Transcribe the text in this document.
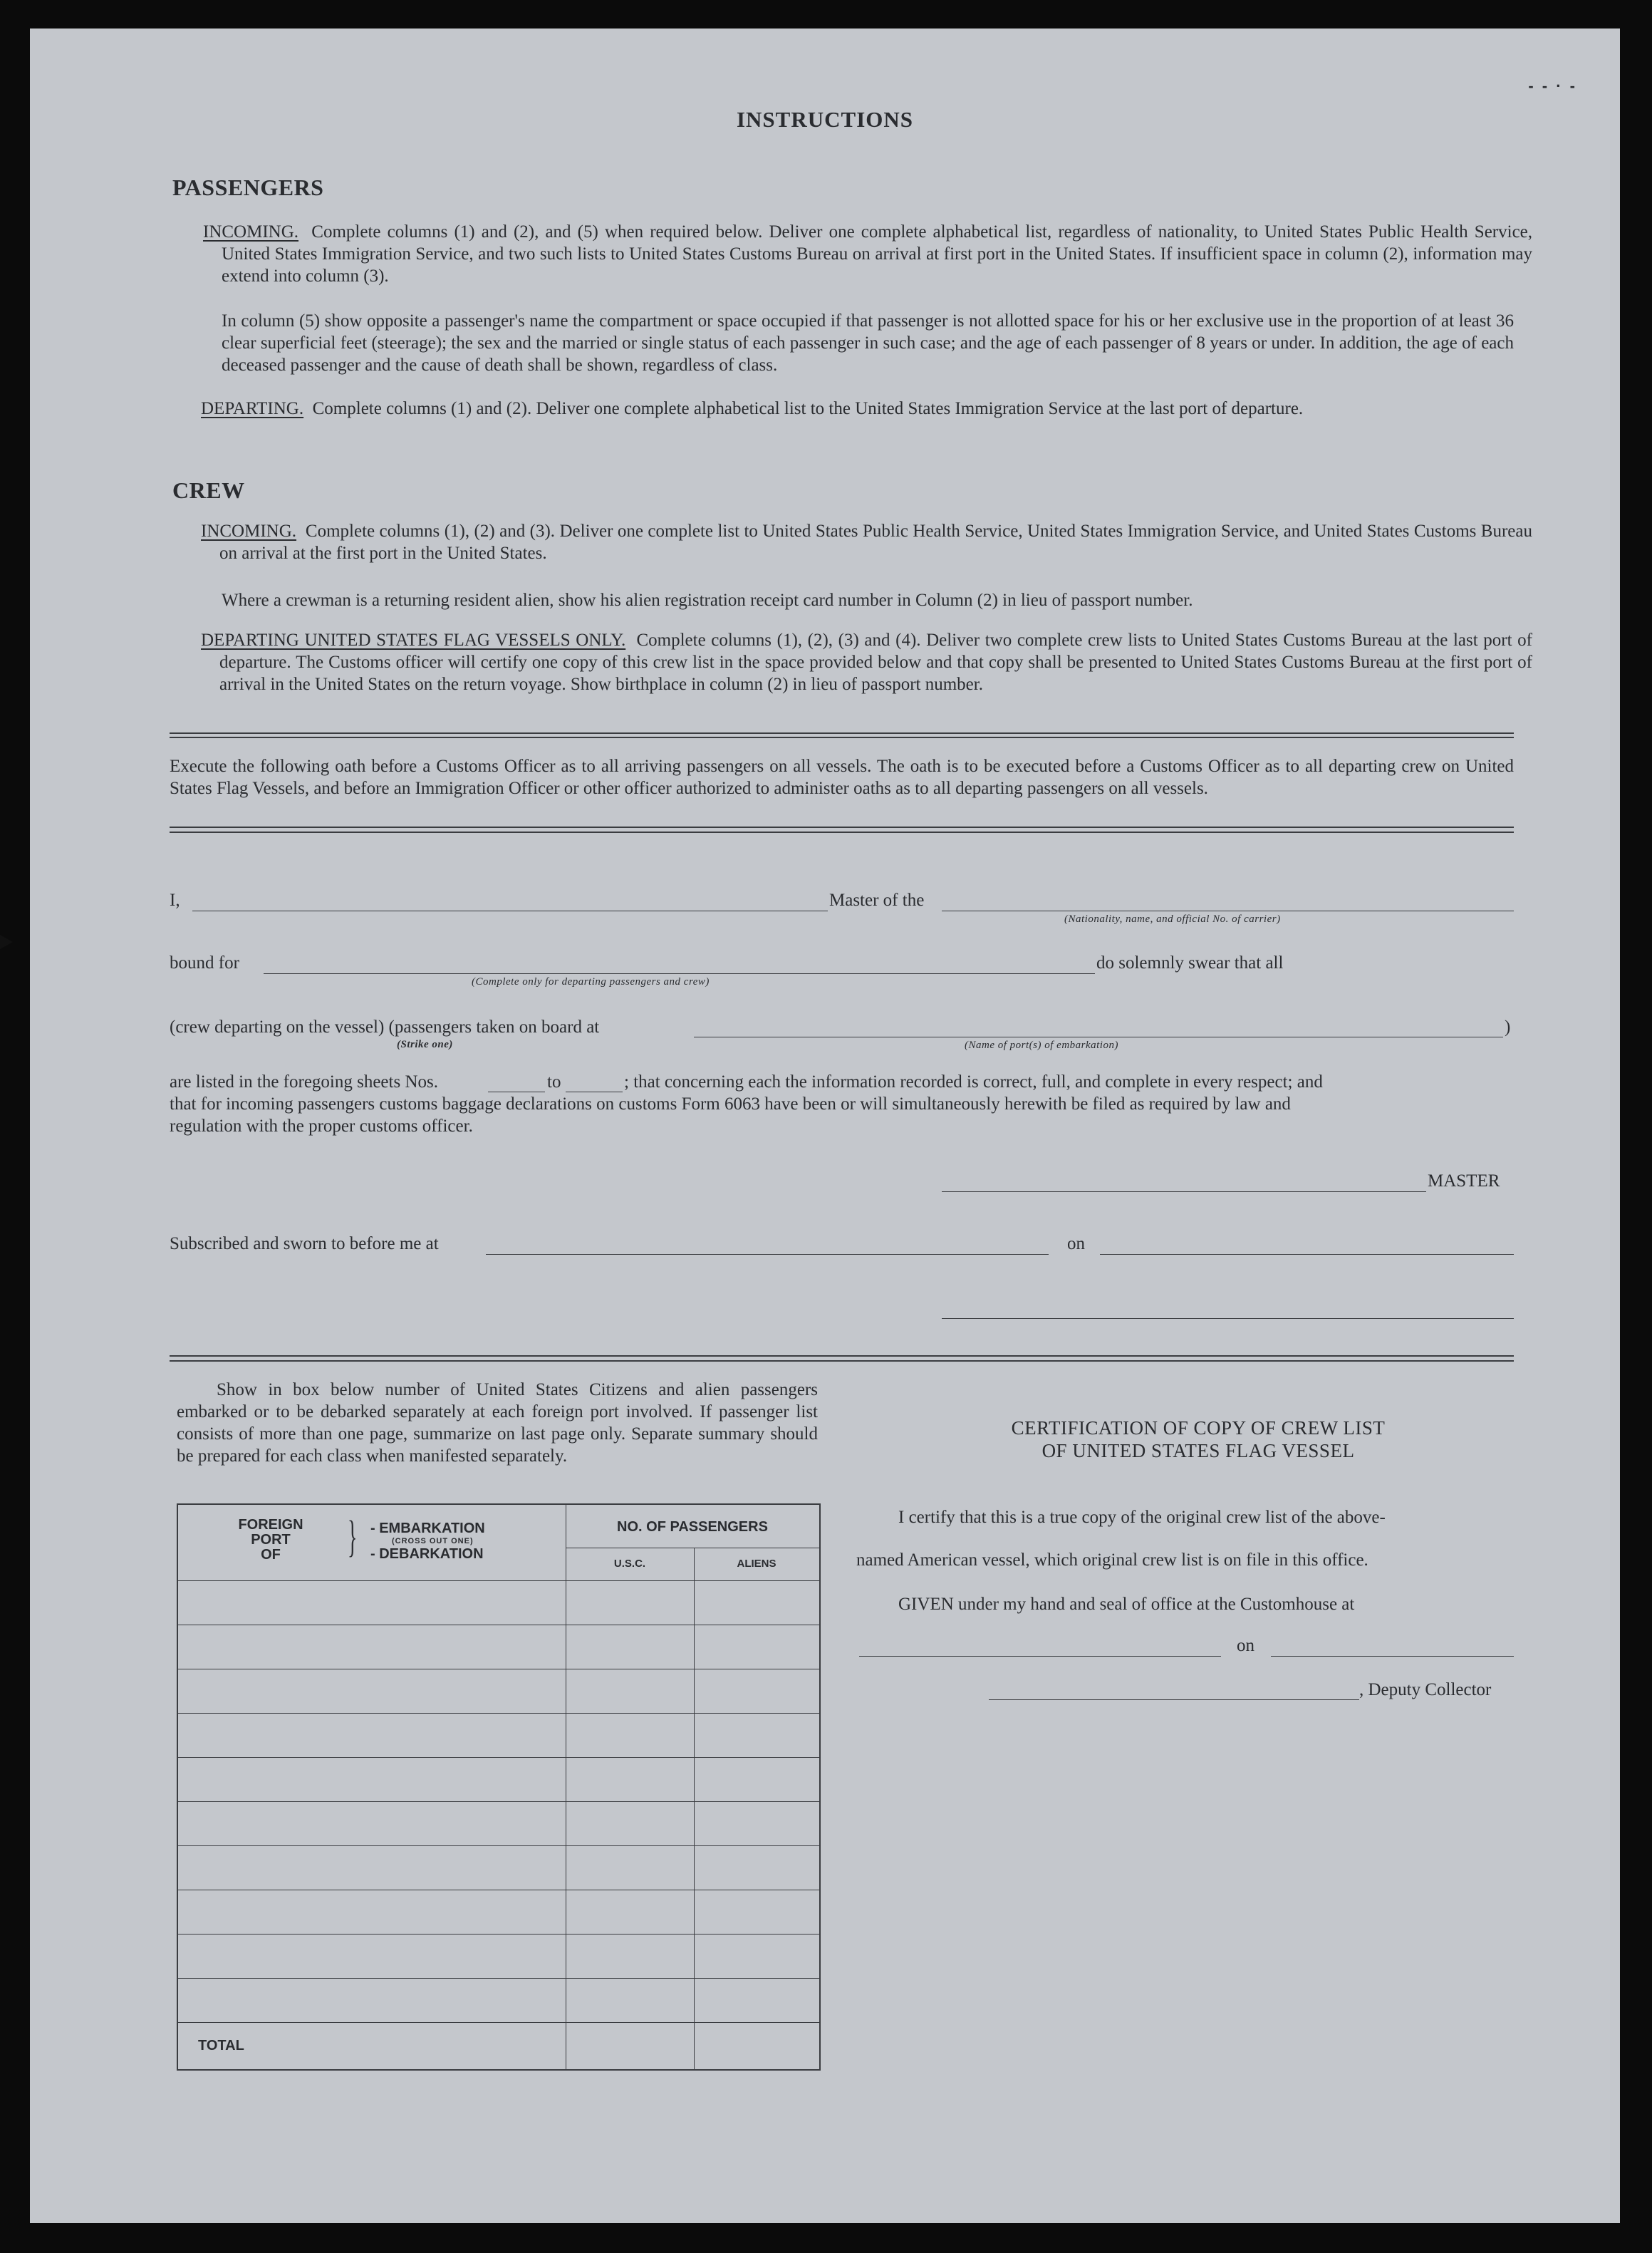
- - · -
INSTRUCTIONS
PASSENGERS
INCOMING. Complete columns (1) and (2), and (5) when required below. Deliver one complete alphabetical list, regardless of nationality, to United States Public Health Service, United States Immigration Service, and two such lists to United States Customs Bureau on arrival at first port in the United States. If insufficient space in column (2), information may extend into column (3).
In column (5) show opposite a passenger's name the compartment or space occupied if that passenger is not allotted space for his or her exclusive use in the proportion of at least 36 clear superficial feet (steerage); the sex and the married or single status of each passenger in such case; and the age of each passenger of 8 years or under. In addition, the age of each deceased passenger and the cause of death shall be shown, regardless of class.
DEPARTING. Complete columns (1) and (2). Deliver one complete alphabetical list to the United States Immigration Service at the last port of departure.
CREW
INCOMING. Complete columns (1), (2) and (3). Deliver one complete list to United States Public Health Service, United States Immigration Service, and United States Customs Bureau on arrival at the first port in the United States.
Where a crewman is a returning resident alien, show his alien registration receipt card number in Column (2) in lieu of passport number.
DEPARTING UNITED STATES FLAG VESSELS ONLY. Complete columns (1), (2), (3) and (4). Deliver two complete crew lists to United States Customs Bureau at the last port of departure. The Customs officer will certify one copy of this crew list in the space provided below and that copy shall be presented to United States Customs Bureau at the first port of arrival in the United States on the return voyage. Show birthplace in column (2) in lieu of passport number.
Execute the following oath before a Customs Officer as to all arriving passengers on all vessels. The oath is to be executed before a Customs Officer as to all departing crew on United States Flag Vessels, and before an Immigration Officer or other officer authorized to administer oaths as to all departing passengers on all vessels.
I,	Master of the
(Nationality, name, and official No. of carrier)
bound for
(Complete only for departing passengers and crew)
do solemnly swear that all
(crew departing on the vessel) (passengers taken on board at
(Strike one)	(Name of port(s) of embarkation)
)
are listed in the foregoing sheets Nos.	to	; that concerning each the information recorded is correct, full, and complete in every respect; and
that for incoming passengers customs baggage declarations on customs Form 6063 have been or will simultaneously herewith be filed as required by law and
regulation with the proper customs officer.
MASTER
Subscribed and sworn to before me at	on
Show in box below number of United States Citizens and alien passengers embarked or to be debarked separately at each foreign port involved. If passenger list consists of more than one page, summarize on last page only. Separate summary should be prepared for each class when manifested separately.
FOREIGN
PORT
OF	} - EMBARKATION
(CROSS OUT ONE)
- DEBARKATION
NO. OF PASSENGERS
U.S.C.	ALIENS
TOTAL
CERTIFICATION OF COPY OF CREW LIST
OF UNITED STATES FLAG VESSEL
I certify that this is a true copy of the original crew list of the above-
named American vessel, which original crew list is on file in this office.
GIVEN under my hand and seal of office at the Customhouse at
on
, Deputy Collector
